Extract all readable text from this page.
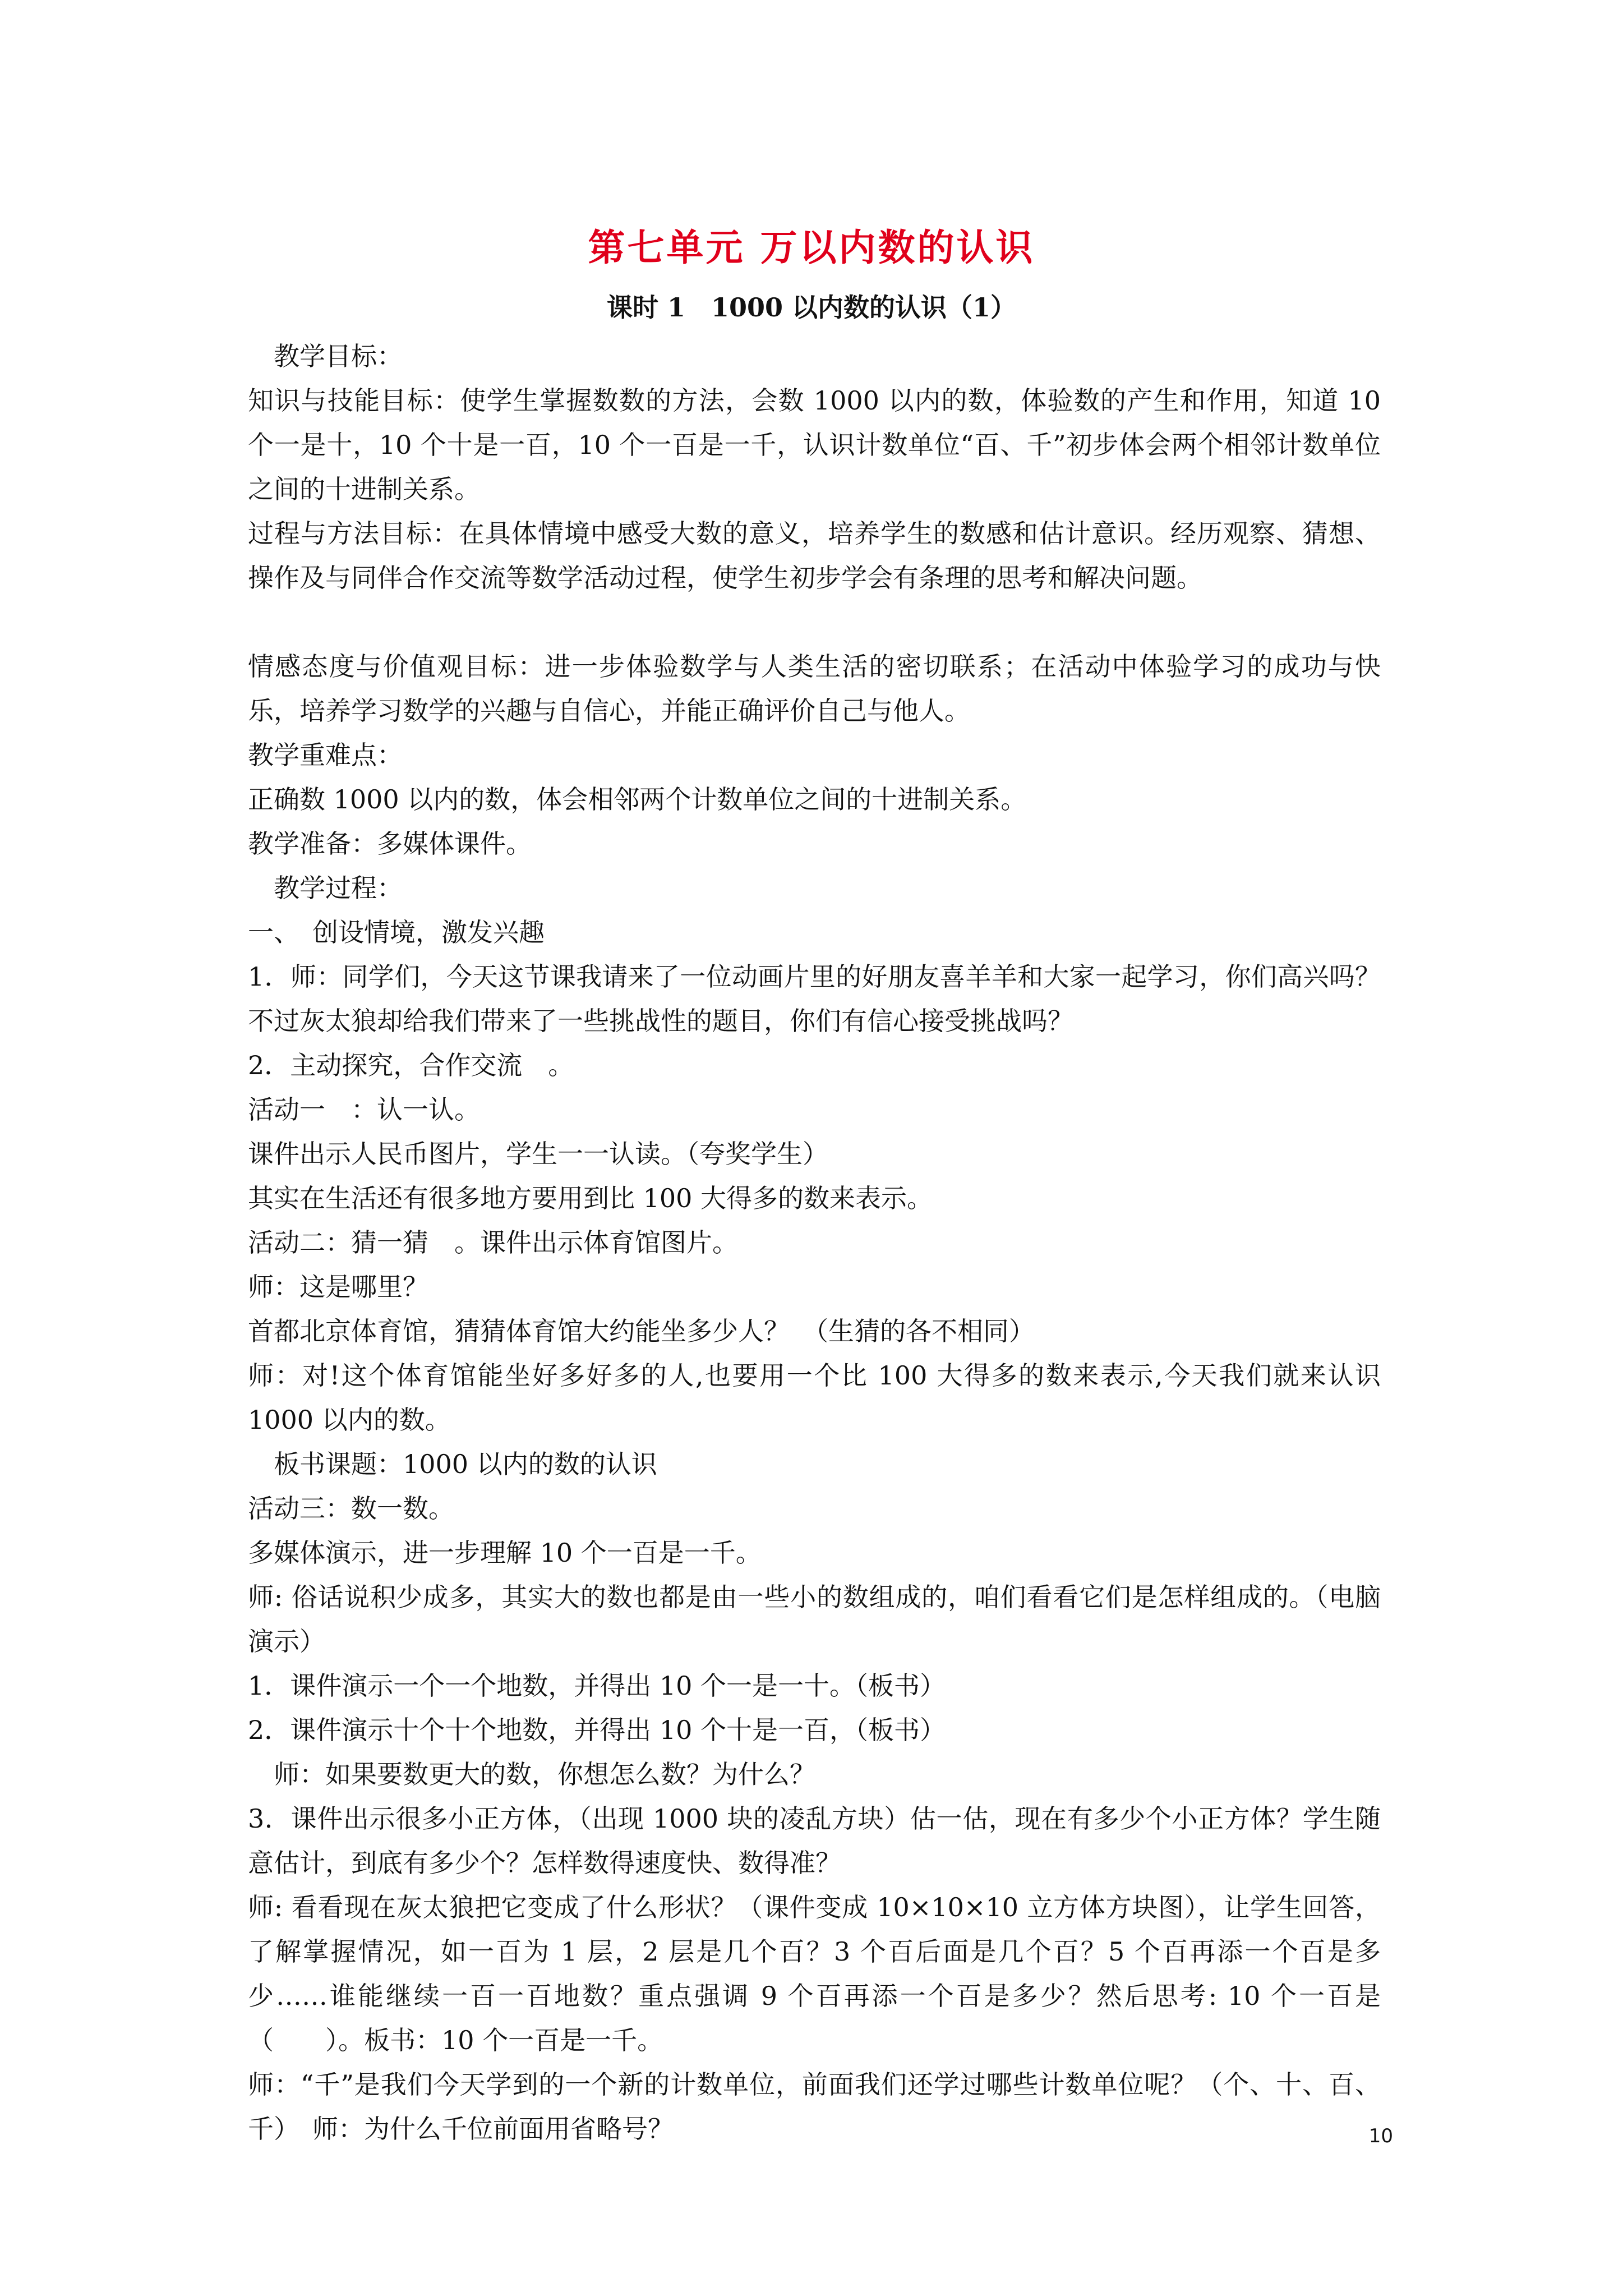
第七单元 万以内数的认识
课时 1　1000 以内数的认识（1）

教学目标：

知识与技能目标：使学生掌握数数的方法，会数 1000 以内的数，体验数的产生和作用，知道 10 个一是十，10 个十是一百，10 个一百是一千，认识计数单位“百、千”初步体会两个相邻计数单位之间的十进制关系。

过程与方法目标：在具体情境中感受大数的意义，培养学生的数感和估计意识。经历观察、猜想、操作及与同伴合作交流等数学活动过程，使学生初步学会有条理的思考和解决问题。

情感态度与价值观目标：进一步体验数学与人类生活的密切联系；在活动中体验学习的成功与快乐，培养学习数学的兴趣与自信心，并能正确评价自己与他人。

教学重难点：

正确数 1000 以内的数，体会相邻两个计数单位之间的十进制关系。

教学准备：多媒体课件。

教学过程：

一、　创设情境，激发兴趣

1．师：同学们，今天这节课我请来了一位动画片里的好朋友喜羊羊和大家一起学习，你们高兴吗？不过灰太狼却给我们带来了一些挑战性的题目，你们有信心接受挑战吗？

2．主动探究，合作交流　。

活动一　：认一认。

课件出示人民币图片，学生一一认读。（夸奖学生）

其实在生活还有很多地方要用到比 100 大得多的数来表示。

活动二：猜一猜　。课件出示体育馆图片。

师：这是哪里？

首都北京体育馆，猜猜体育馆大约能坐多少人？　（生猜的各不相同）

师：对!这个体育馆能坐好多好多的人,也要用一个比 100 大得多的数来表示,今天我们就来认识 1000 以内的数。

板书课题：1000 以内的数的认识

活动三：数一数。

多媒体演示，进一步理解 10 个一百是一千。

师: 俗话说积少成多，其实大的数也都是由一些小的数组成的，咱们看看它们是怎样组成的。（电脑演示）

1．课件演示一个一个地数，并得出 10 个一是一十。（板书）

2．课件演示十个十个地数，并得出 10 个十是一百，（板书）

师：如果要数更大的数，你想怎么数？为什么？

3．课件出示很多小正方体，（出现 1000 块的凌乱方块）估一估，现在有多少个小正方体？学生随意估计，到底有多少个？怎样数得速度快、数得准？

师: 看看现在灰太狼把它变成了什么形状？（课件变成 10×10×10 立方体方块图），让学生回答，了解掌握情况，如一百为 1 层，2 层是几个百？3 个百后面是几个百？5 个百再添一个百是多少……谁能继续一百一百地数？重点强调 9 个百再添一个百是多少？然后思考: 10 个一百是（　　）。板书：10 个一百是一千。

师：“千”是我们今天学到的一个新的计数单位，前面我们还学过哪些计数单位呢？（个、十、百、千）　师：为什么千位前面用省略号？	10
